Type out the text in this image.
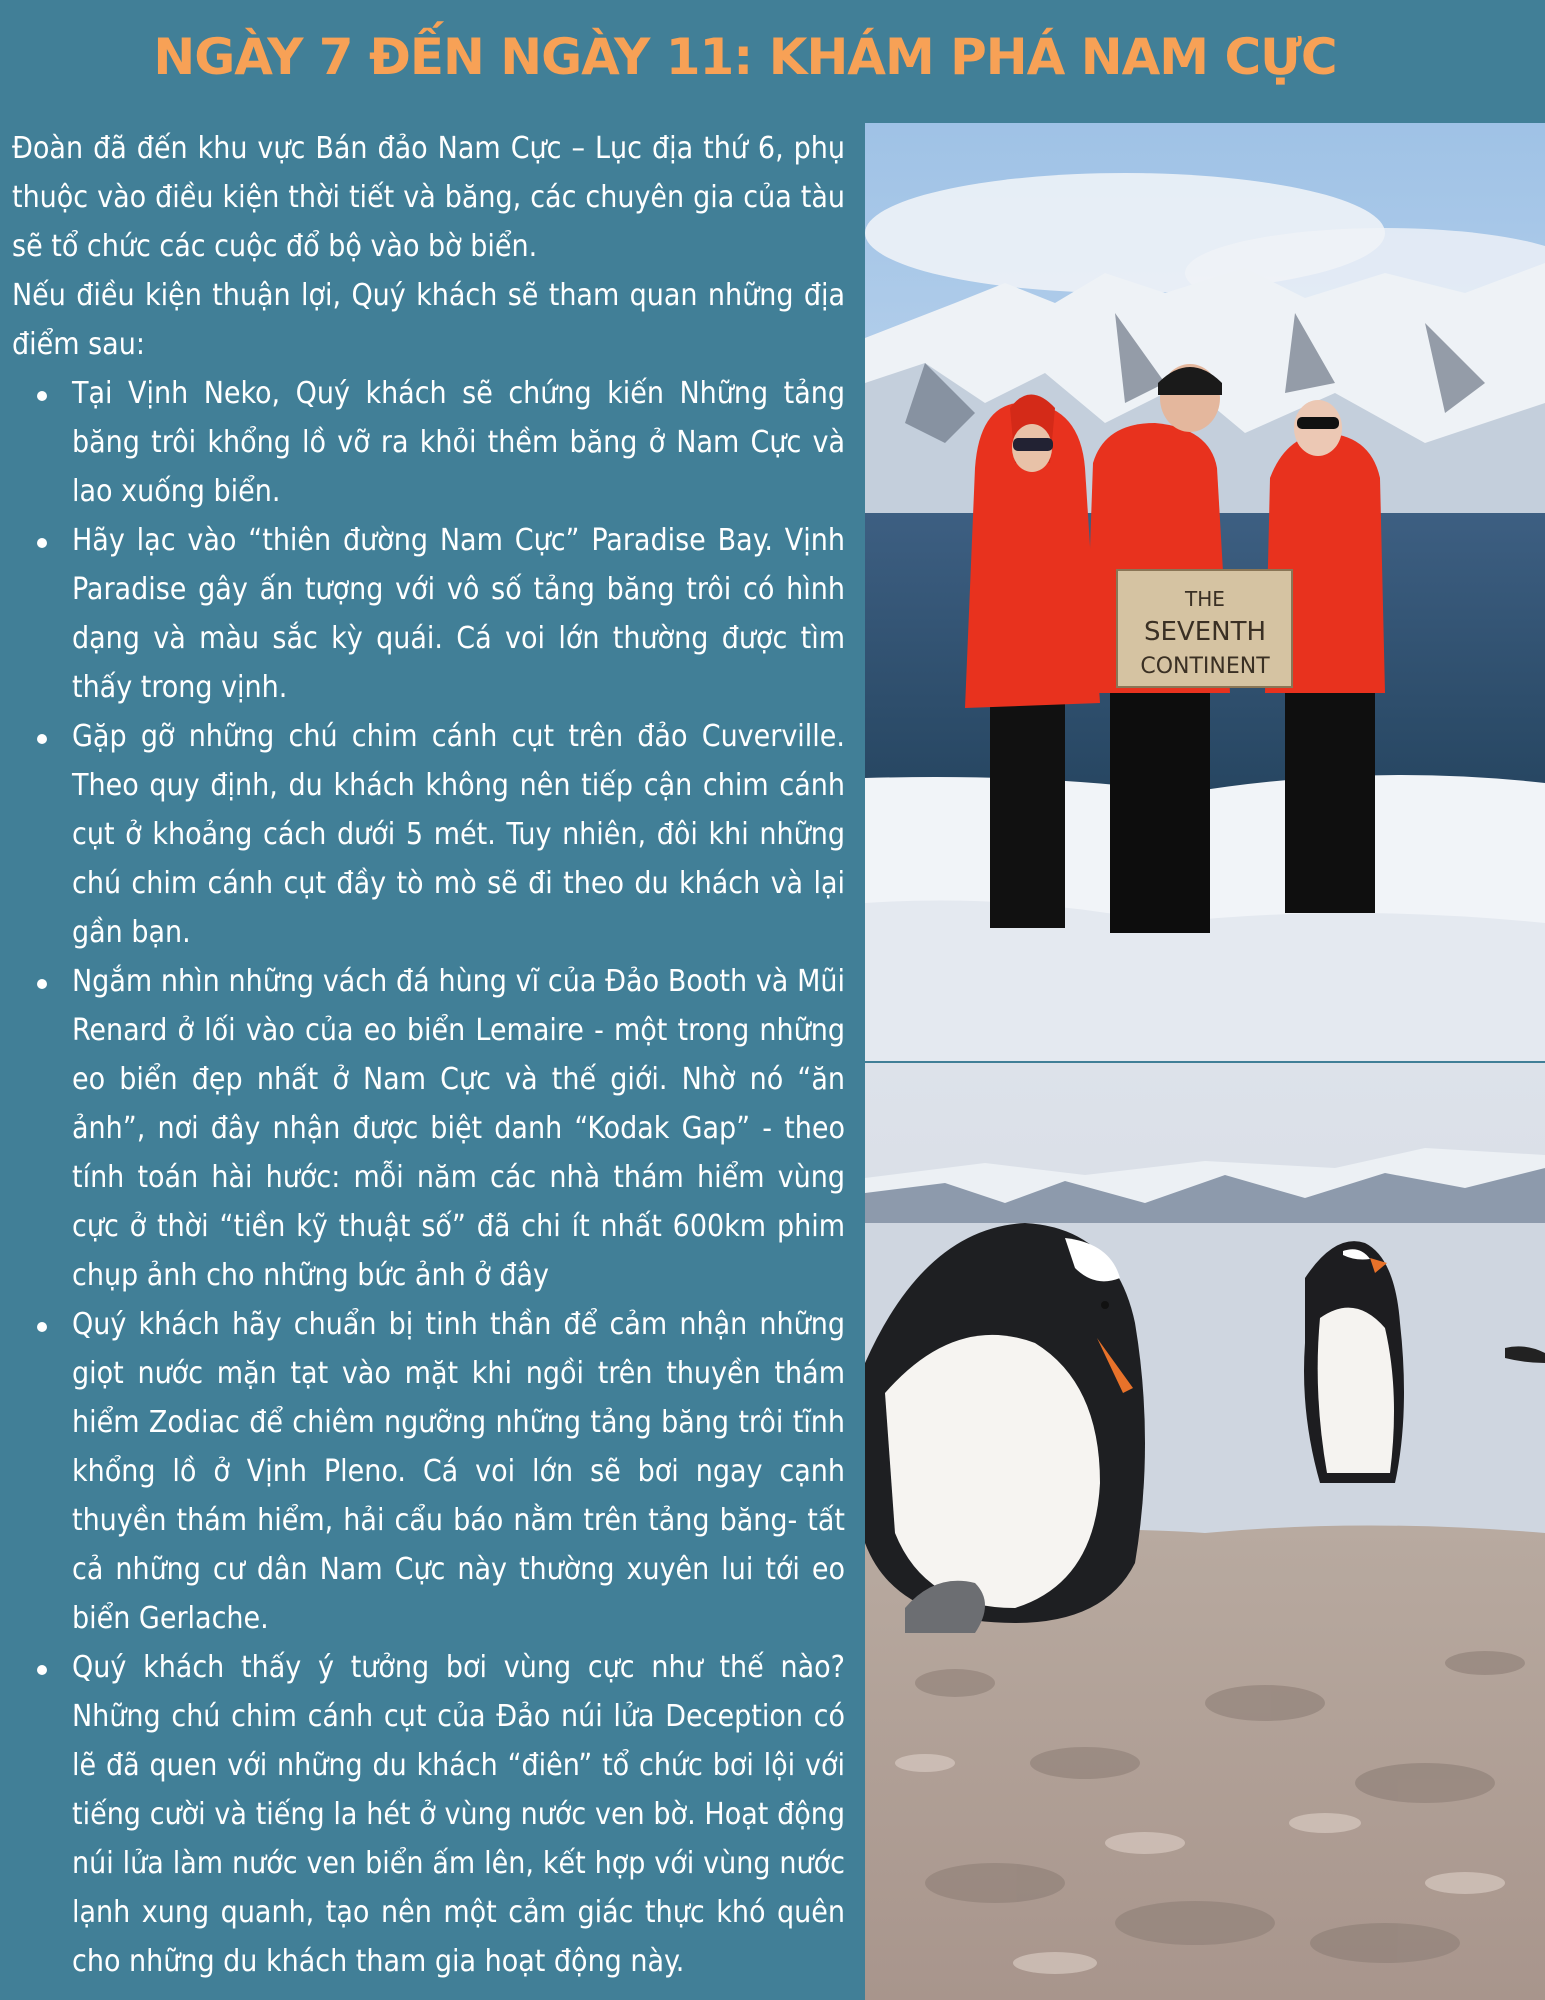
NGÀY 7 ĐẾN NGÀY 11: KHÁM PHÁ NAM CỰC

Đoàn đã đến khu vực Bán đảo Nam Cực – Lục địa thứ 6, phụ thuộc vào điều kiện thời tiết và băng, các chuyên gia của tàu sẽ tổ chức các cuộc đổ bộ vào bờ biển.

Nếu điều kiện thuận lợi, Quý khách sẽ tham quan những địa điểm sau:

Tại Vịnh Neko, Quý khách sẽ chứng kiến Những tảng băng trôi khổng lồ vỡ ra khỏi thềm băng ở Nam Cực và lao xuống biển.
Hãy lạc vào “thiên đường Nam Cực” Paradise Bay. Vịnh Paradise gây ấn tượng với vô số tảng băng trôi có hình dạng và màu sắc kỳ quái. Cá voi lớn thường được tìm thấy trong vịnh.
Gặp gỡ những chú chim cánh cụt trên đảo Cuverville. Theo quy định, du khách không nên tiếp cận chim cánh cụt ở khoảng cách dưới 5 mét. Tuy nhiên, đôi khi những chú chim cánh cụt đầy tò mò sẽ đi theo du khách và lại gần bạn.
Ngắm nhìn những vách đá hùng vĩ của Đảo Booth và Mũi Renard ở lối vào của eo biển Lemaire - một trong những eo biển đẹp nhất ở Nam Cực và thế giới. Nhờ nó “ăn ảnh”, nơi đây nhận được biệt danh “Kodak Gap” - theo tính toán hài hước: mỗi năm các nhà thám hiểm vùng cực ở thời “tiền kỹ thuật số” đã chi ít nhất 600km phim chụp ảnh cho những bức ảnh ở đây
Quý khách hãy chuẩn bị tinh thần để cảm nhận những giọt nước mặn tạt vào mặt khi ngồi trên thuyền thám hiểm Zodiac để chiêm ngưỡng những tảng băng trôi tĩnh khổng lồ ở Vịnh Pleno. Cá voi lớn sẽ bơi ngay cạnh thuyền thám hiểm, hải cẩu báo nằm trên tảng băng- tất cả những cư dân Nam Cực này thường xuyên lui tới eo biển Gerlache.
Quý khách thấy ý tưởng bơi vùng cực như thế nào? Những chú chim cánh cụt của Đảo núi lửa Deception có lẽ đã quen với những du khách “điên” tổ chức bơi lội với tiếng cười và tiếng la hét ở vùng nước ven bờ. Hoạt động núi lửa làm nước ven biển ấm lên, kết hợp với vùng nước lạnh xung quanh, tạo nên một cảm giác thực khó quên cho những du khách tham gia hoạt động này.
THE
SEVENTH
CONTINENT
